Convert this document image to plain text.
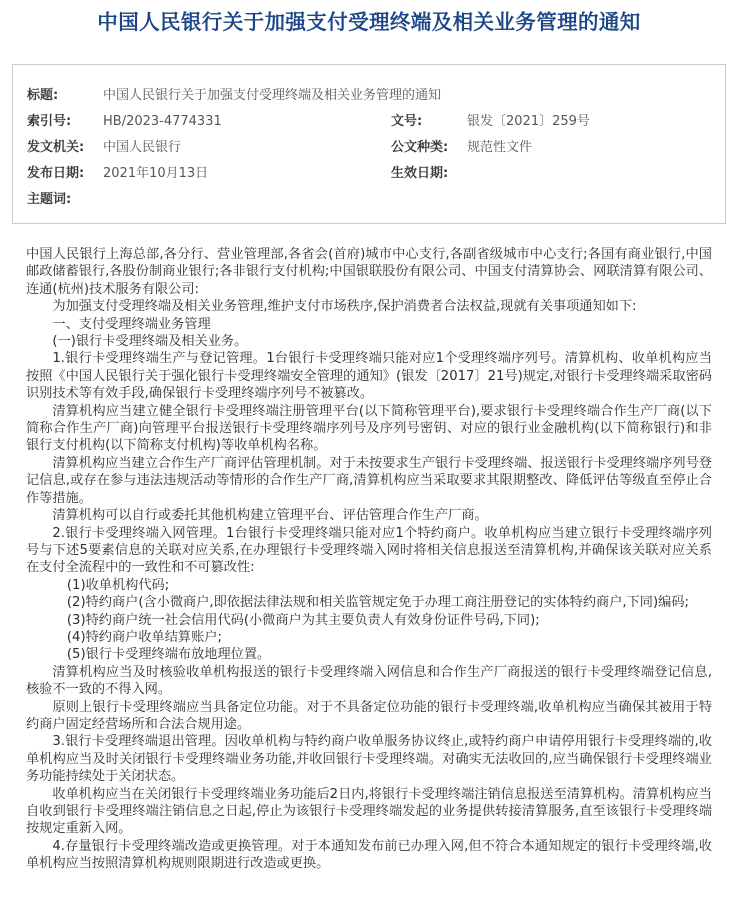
中国人民银行关于加强支付受理终端及相关业务管理的通知
标题:	中国人民银行关于加强支付受理终端及相关业务管理的通知
索引号:	HB/2023-4774331	文号:	银发〔2021〕259号
发文机关:	中国人民银行	公文种类:	规范性文件
发布日期:	2021年10月13日	生效日期:
主题词:
中国人民银行上海总部,各分行、营业管理部,各省会(首府)城市中心支行,各副省级城市中心支行;各国有商业银行,中国邮政储蓄银行,各股份制商业银行;各非银行支付机构;中国银联股份有限公司、中国支付清算协会、网联清算有限公司、连通(杭州)技术服务有限公司:
为加强支付受理终端及相关业务管理,维护支付市场秩序,保护消费者合法权益,现就有关事项通知如下:
一、支付受理终端业务管理
(一)银行卡受理终端及相关业务。
1.银行卡受理终端生产与登记管理。1台银行卡受理终端只能对应1个受理终端序列号。清算机构、收单机构应当按照《中国人民银行关于强化银行卡受理终端安全管理的通知》(银发〔2017〕21号)规定,对银行卡受理终端采取密码识别技术等有效手段,确保银行卡受理终端序列号不被篡改。
清算机构应当建立健全银行卡受理终端注册管理平台(以下简称管理平台),要求银行卡受理终端合作生产厂商(以下简称合作生产厂商)向管理平台报送银行卡受理终端序列号及序列号密钥、对应的银行业金融机构(以下简称银行)和非银行支付机构(以下简称支付机构)等收单机构名称。
清算机构应当建立合作生产厂商评估管理机制。对于未按要求生产银行卡受理终端、报送银行卡受理终端序列号登记信息,或存在参与违法违规活动等情形的合作生产厂商,清算机构应当采取要求其限期整改、降低评估等级直至停止合作等措施。
清算机构可以自行或委托其他机构建立管理平台、评估管理合作生产厂商。
2.银行卡受理终端入网管理。1台银行卡受理终端只能对应1个特约商户。收单机构应当建立银行卡受理终端序列号与下述5要素信息的关联对应关系,在办理银行卡受理终端入网时将相关信息报送至清算机构,并确保该关联对应关系在支付全流程中的一致性和不可篡改性:
(1)收单机构代码;
(2)特约商户(含小微商户,即依据法律法规和相关监管规定免于办理工商注册登记的实体特约商户,下同)编码;
(3)特约商户统一社会信用代码(小微商户为其主要负责人有效身份证件号码,下同);
(4)特约商户收单结算账户;
(5)银行卡受理终端布放地理位置。
清算机构应当及时核验收单机构报送的银行卡受理终端入网信息和合作生产厂商报送的银行卡受理终端登记信息,核验不一致的不得入网。
原则上银行卡受理终端应当具备定位功能。对于不具备定位功能的银行卡受理终端,收单机构应当确保其被用于特约商户固定经营场所和合法合规用途。
3.银行卡受理终端退出管理。因收单机构与特约商户收单服务协议终止,或特约商户申请停用银行卡受理终端的,收单机构应当及时关闭银行卡受理终端业务功能,并收回银行卡受理终端。对确实无法收回的,应当确保银行卡受理终端业务功能持续处于关闭状态。
收单机构应当在关闭银行卡受理终端业务功能后2日内,将银行卡受理终端注销信息报送至清算机构。清算机构应当自收到银行卡受理终端注销信息之日起,停止为该银行卡受理终端发起的业务提供转接清算服务,直至该银行卡受理终端按规定重新入网。
4.存量银行卡受理终端改造或更换管理。对于本通知发布前已办理入网,但不符合本通知规定的银行卡受理终端,收单机构应当按照清算机构规则限期进行改造或更换。
